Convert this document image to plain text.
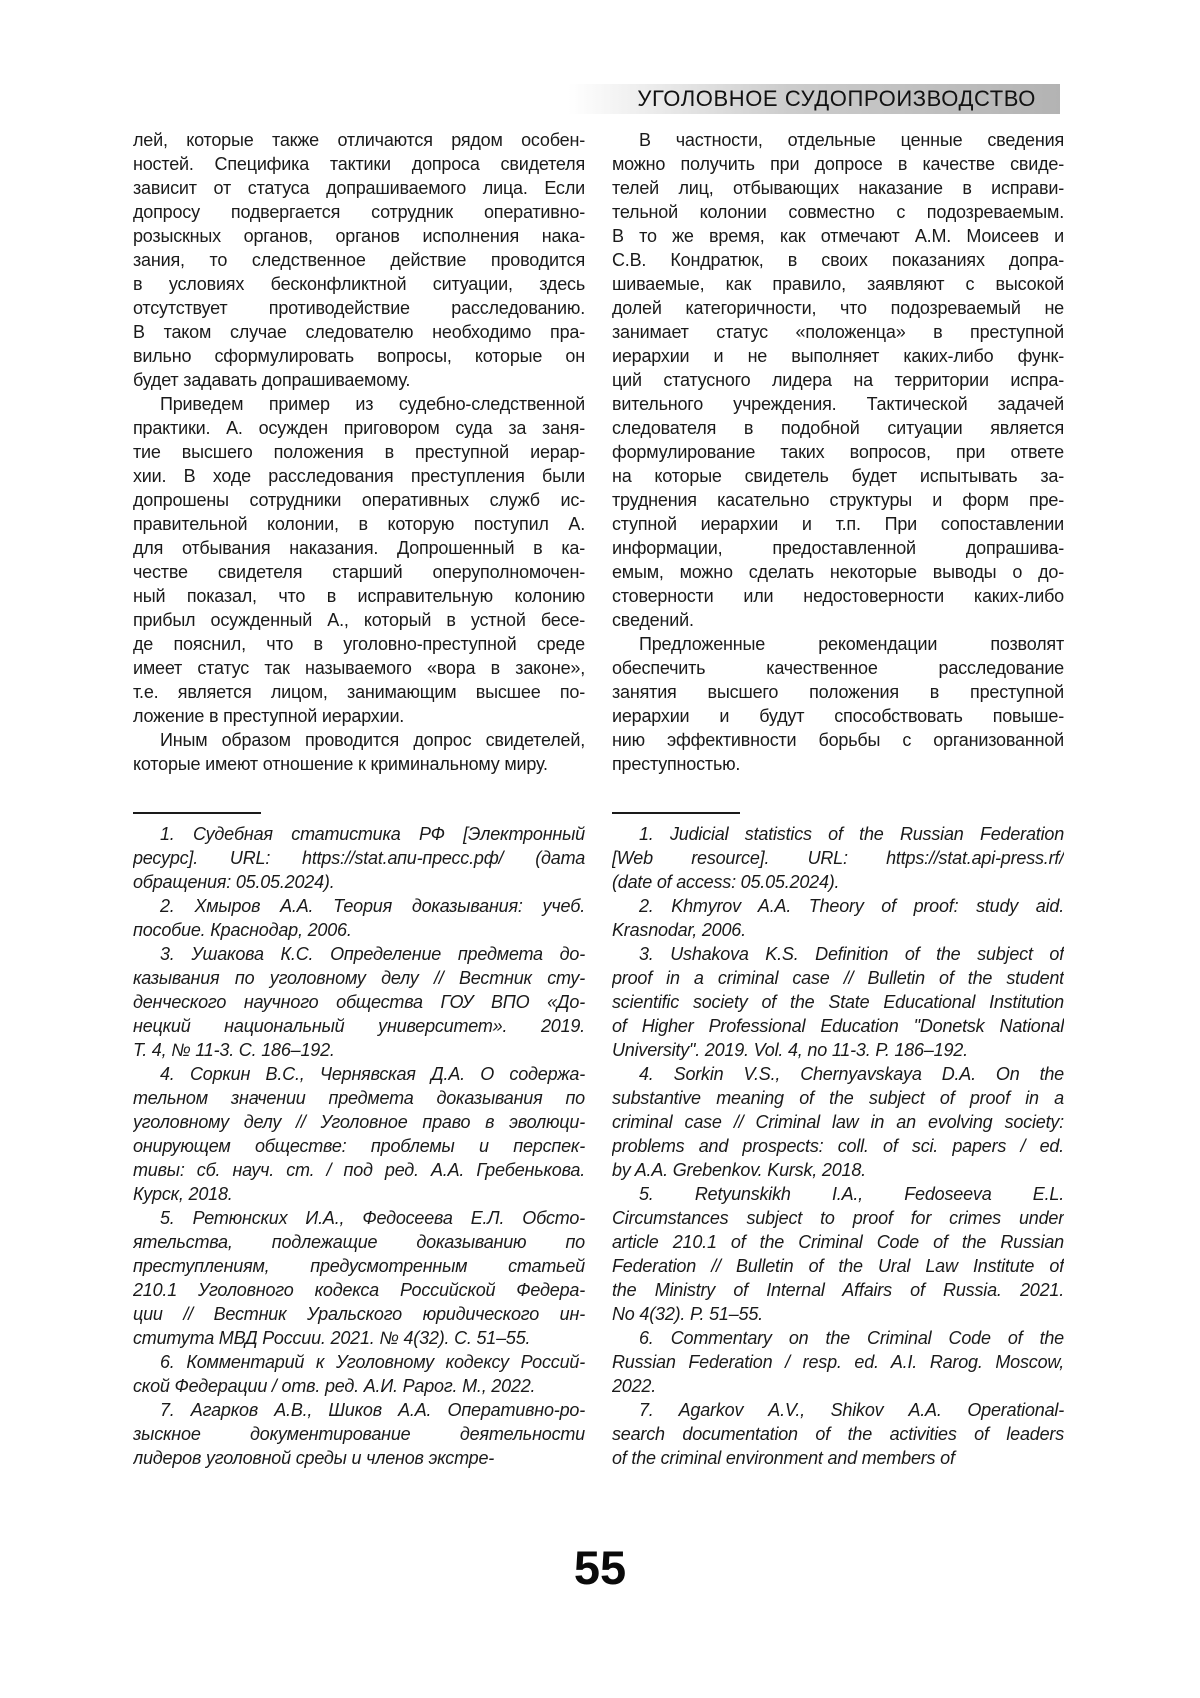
УГОЛОВНОЕ СУДОПРОИЗВОДСТВО
лей, которые также отличаются рядом особен-
ностей. Специфика тактики допроса свидетеля
зависит от статуса допрашиваемого лица. Если
допросу подвергается сотрудник оперативно-
розыскных органов, органов исполнения нака-
зания, то следственное действие проводится
в условиях бесконфликтной ситуации, здесь
отсутствует противодействие расследованию.
В таком случае следователю необходимо пра-
вильно сформулировать вопросы, которые он
будет задавать допрашиваемому.
Приведем пример из судебно-следственной
практики. А. осужден приговором суда за заня-
тие высшего положения в преступной иерар-
хии. В ходе расследования преступления были
допрошены сотрудники оперативных служб ис-
правительной колонии, в которую поступил А.
для отбывания наказания. Допрошенный в ка-
честве свидетеля старший оперуполномочен-
ный показал, что в исправительную колонию
прибыл осужденный А., который в устной бесе-
де пояснил, что в уголовно-преступной среде
имеет статус так называемого «вора в законе»,
т.е. является лицом, занимающим высшее по-
ложение в преступной иерархии.
Иным образом проводится допрос свидетелей,
которые имеют отношение к криминальному миру.
В частности, отдельные ценные сведения
можно получить при допросе в качестве свиде-
телей лиц, отбывающих наказание в исправи-
тельной колонии совместно с подозреваемым.
В то же время, как отмечают А.М. Моисеев и
С.В. Кондратюк, в своих показаниях допра-
шиваемые, как правило, заявляют с высокой
долей категоричности, что подозреваемый не
занимает статус «положенца» в преступной
иерархии и не выполняет каких-либо функ-
ций статусного лидера на территории испра-
вительного учреждения. Тактической задачей
следователя в подобной ситуации является
формулирование таких вопросов, при ответе
на которые свидетель будет испытывать за-
труднения касательно структуры и форм пре-
ступной иерархии и т.п. При сопоставлении
информации, предоставленной допрашива-
емым, можно сделать некоторые выводы о до-
стоверности или недостоверности каких-либо
сведений.
Предложенные рекомендации позволят
обеспечить качественное расследование
занятия высшего положения в преступной
иерархии и будут способствовать повыше-
нию эффективности борьбы с организованной
преступностью.
1. Судебная статистика РФ [Электронный
ресурс]. URL: https://stat.апи-пресс.рф/ (дата
обращения: 05.05.2024).
2. Хмыров А.А. Теория доказывания: учеб.
пособие. Краснодар, 2006.
3. Ушакова К.С. Определение предмета до-
казывания по уголовному делу // Вестник сту-
денческого научного общества ГОУ ВПО «До-
нецкий национальный университет». 2019.
Т. 4, № 11-3. С. 186–192.
4. Соркин В.С., Чернявская Д.А. О содержа-
тельном значении предмета доказывания по
уголовному делу // Уголовное право в эволюци-
онирующем обществе: проблемы и перспек-
тивы: сб. науч. ст. / под ред. А.А. Гребенькова.
Курск, 2018.
5. Ретюнских И.А., Федосеева Е.Л. Обсто-
ятельства, подлежащие доказыванию по
преступлениям, предусмотренным статьей
210.1 Уголовного кодекса Российской Федера-
ции // Вестник Уральского юридического ин-
ститута МВД России. 2021. № 4(32). С. 51–55.
6. Комментарий к Уголовному кодексу Россий-
ской Федерации / отв. ред. А.И. Рарог. М., 2022.
7. Агарков А.В., Шиков А.А. Оперативно-ро-
зыскное документирование деятельности
лидеров уголовной среды и членов экстре-
1. Judicial statistics of the Russian Federation
[Web resource]. URL: https://stat.api-press.rf/
(date of access: 05.05.2024).
2. Khmyrov A.A. Theory of proof: study aid.
Krasnodar, 2006.
3. Ushakova K.S. Definition of the subject of
proof in a criminal case // Bulletin of the student
scientific society of the State Educational Institution
of Higher Professional Education "Donetsk National
University". 2019. Vol. 4, no 11-3. P. 186–192.
4. Sorkin V.S., Chernyavskaya D.A. On the
substantive meaning of the subject of proof in a
criminal case // Criminal law in an evolving society:
problems and prospects: coll. of sci. papers / ed.
by A.A. Grebenkov. Kursk, 2018.
5. Retyunskikh I.A., Fedoseeva E.L.
Circumstances subject to proof for crimes under
article 210.1 of the Criminal Code of the Russian
Federation // Bulletin of the Ural Law Institute of
the Ministry of Internal Affairs of Russia. 2021.
No 4(32). P. 51–55.
6. Commentary on the Criminal Code of the
Russian Federation / resp. ed. A.I. Rarog. Moscow,
2022.
7. Agarkov A.V., Shikov A.A. Operational-
search documentation of the activities of leaders
of the criminal environment and members of
55
